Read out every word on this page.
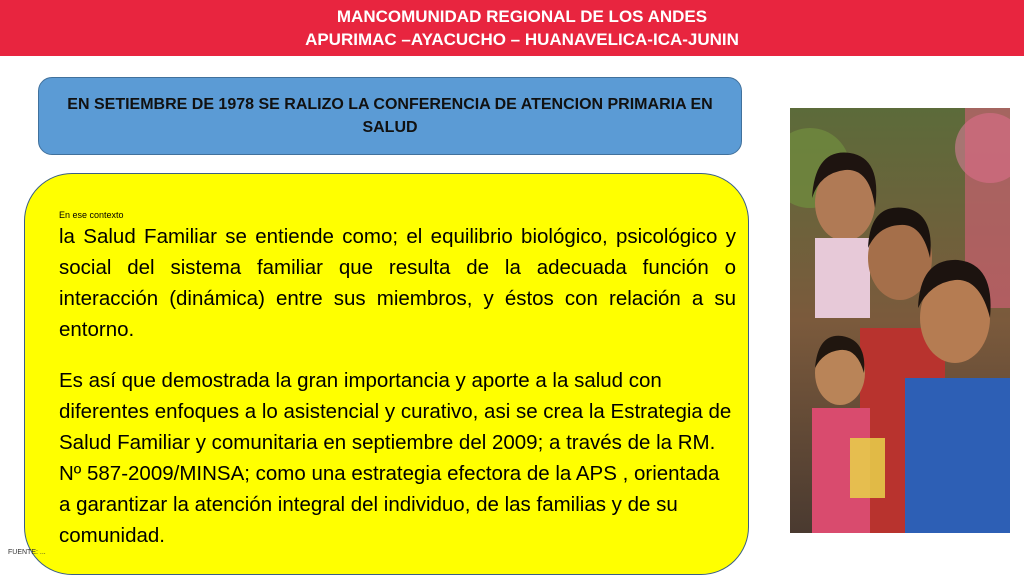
MANCOMUNIDAD REGIONAL DE LOS ANDES
APURIMAC –AYACUCHO – HUANAVELICA-ICA-JUNIN
EN SETIEMBRE DE 1978 SE RALIZO LA CONFERENCIA DE ATENCION PRIMARIA EN SALUD
En ese contexto

la Salud Familiar se entiende como; el equilibrio biológico, psicológico y social del sistema familiar que resulta de la adecuada función o interacción (dinámica) entre sus miembros, y éstos con relación a su entorno.

Es así que demostrada la gran importancia y aporte a la salud con diferentes enfoques a lo asistencial y curativo, asi se crea la Estrategia de Salud Familiar y comunitaria en septiembre del 2009; a través de la RM. Nº 587-2009/MINSA; como una estrategia efectora de la APS , orientada a garantizar la atención integral del individuo, de las familias y de su comunidad.

FUENTE: ...
